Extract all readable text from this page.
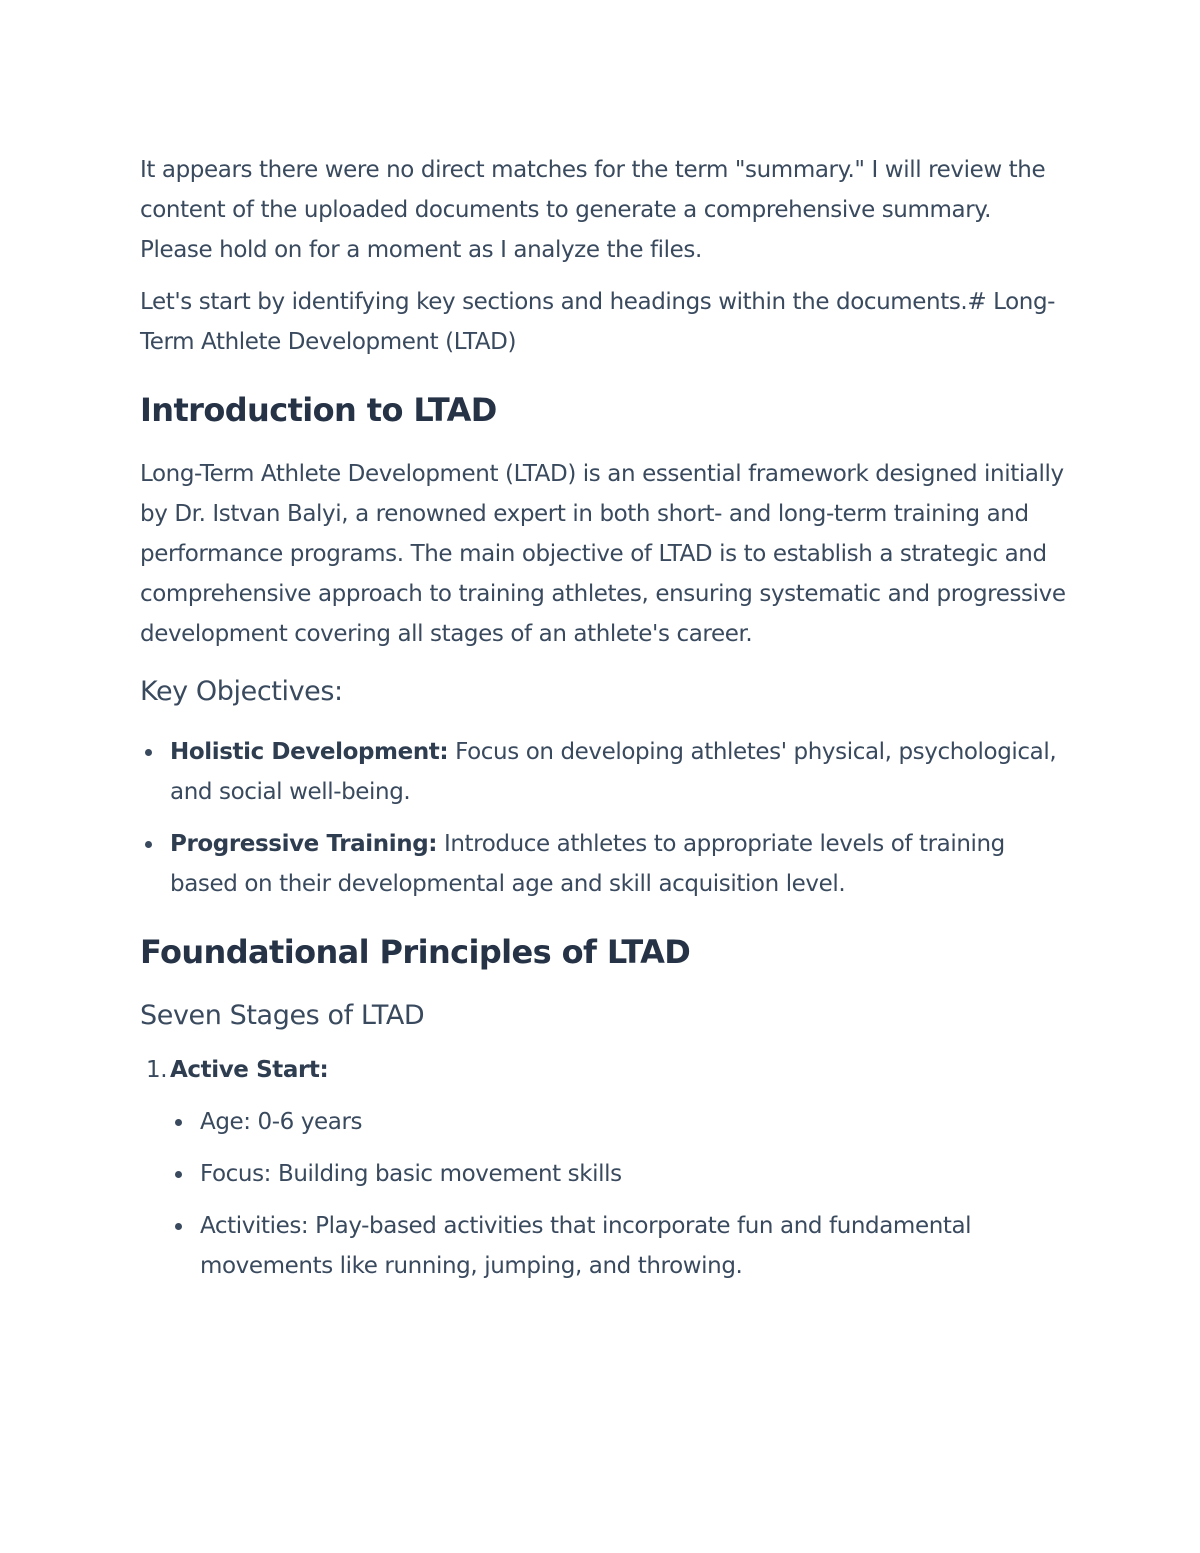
It appears there were no direct matches for the term "summary." I will review the content of the uploaded documents to generate a comprehensive summary. Please hold on for a moment as I analyze the files.

Let's start by identifying key sections and headings within the documents.# Long-Term Athlete Development (LTAD)

Introduction to LTAD

Long-Term Athlete Development (LTAD) is an essential framework designed initially by Dr. Istvan Balyi, a renowned expert in both short- and long-term training and performance programs. The main objective of LTAD is to establish a strategic and comprehensive approach to training athletes, ensuring systematic and progressive development covering all stages of an athlete's career.

Key Objectives:
Holistic Development: Focus on developing athletes' physical, psychological, and social well-being.
Progressive Training: Introduce athletes to appropriate levels of training based on their developmental age and skill acquisition level.
Foundational Principles of LTAD
Seven Stages of LTAD
1. Active Start:
Age: 0-6 years
Focus: Building basic movement skills
Activities: Play-based activities that incorporate fun and fundamental movements like running, jumping, and throwing.
